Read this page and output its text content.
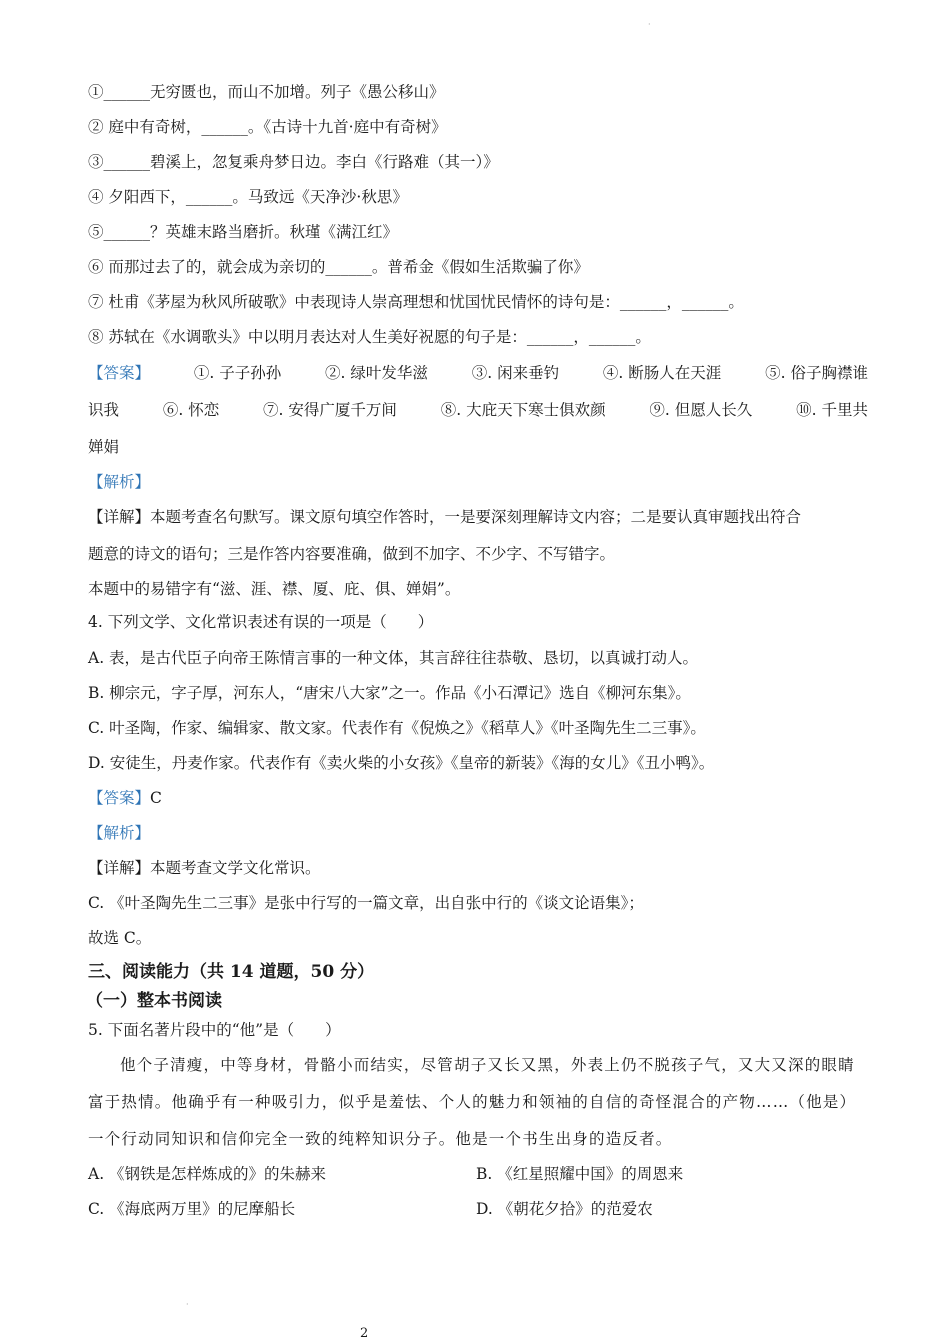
·
①______无穷匮也，而山不加增。列子《愚公移山》
② 庭中有奇树，______。《古诗十九首·庭中有奇树》
③______碧溪上，忽复乘舟梦日边。李白《行路难（其一）》
④ 夕阳西下，______。马致远《天净沙·秋思》
⑤______？英雄末路当磨折。秋瑾《满江红》
⑥ 而那过去了的，就会成为亲切的______。普希金《假如生活欺骗了你》
⑦ 杜甫《茅屋为秋风所破歌》中表现诗人崇高理想和忧国忧民情怀的诗句是：______，______。
⑧ 苏轼在《水调歌头》中以明月表达对人生美好祝愿的句子是：______，______。
【答案】	①. 子子孙孙	②. 绿叶发华滋	③. 闲来垂钓	④. 断肠人在天涯	⑤. 俗子胸襟谁
识我	⑥. 怀恋	⑦. 安得广厦千万间	⑧. 大庇天下寒士俱欢颜	⑨. 但愿人长久	⑩. 千里共
婵娟
【解析】
【详解】本题考查名句默写。课文原句填空作答时，一是要深刻理解诗文内容；二是要认真审题找出符合
题意的诗文的语句；三是作答内容要准确，做到不加字、不少字、不写错字。
本题中的易错字有“滋、涯、襟、厦、庇、俱、婵娟”。
4. 下列文学、文化常识表述有误的一项是（　　）
A. 表，是古代臣子向帝王陈情言事的一种文体，其言辞往往恭敬、恳切，以真诚打动人。
B. 柳宗元，字子厚，河东人，“唐宋八大家”之一。作品《小石潭记》选自《柳河东集》。
C. 叶圣陶，作家、编辑家、散文家。代表作有《倪焕之》《稻草人》《叶圣陶先生二三事》。
D. 安徒生，丹麦作家。代表作有《卖火柴的小女孩》《皇帝的新装》《海的女儿》《丑小鸭》。
【答案】C
【解析】
【详解】本题考查文学文化常识。
C. 《叶圣陶先生二三事》是张中行写的一篇文章，出自张中行的《谈文论语集》；
故选 C。
三、阅读能力（共 14 道题，50 分）
（一）整本书阅读
5. 下面名著片段中的“他”是（　　）
他个子清瘦，中等身材，骨骼小而结实，尽管胡子又长又黑，外表上仍不脱孩子气，又大又深的眼睛
富于热情。他确乎有一种吸引力，似乎是羞怯、个人的魅力和领袖的自信的奇怪混合的产物……（他是）
一个行动同知识和信仰完全一致的纯粹知识分子。他是一个书生出身的造反者。
A. 《钢铁是怎样炼成的》的朱赫来	B. 《红星照耀中国》的周恩来
C. 《海底两万里》的尼摩船长	D. 《朝花夕拾》的范爱农
·
2
